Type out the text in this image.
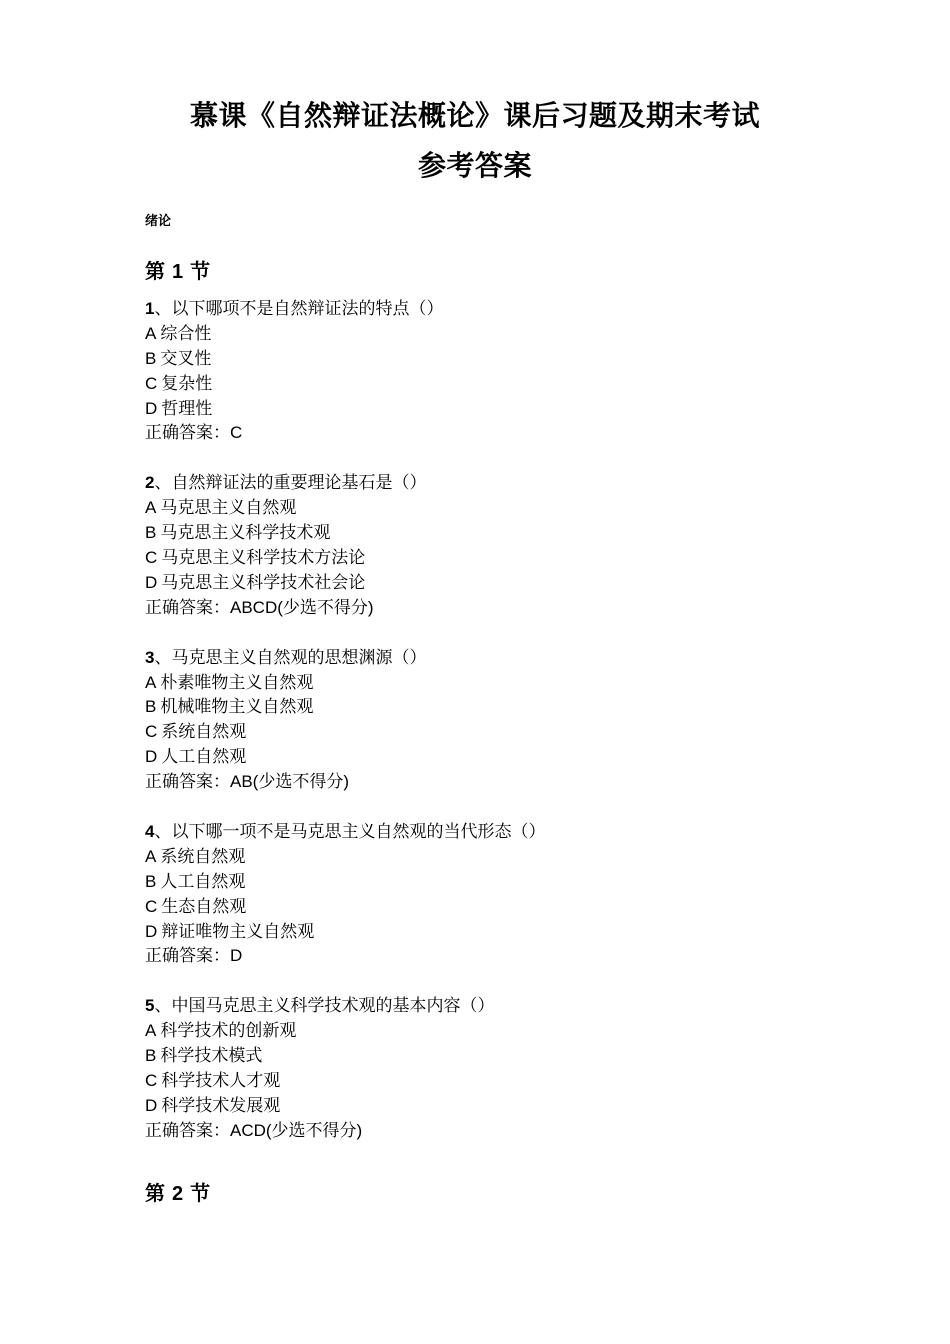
慕课《自然辩证法概论》课后习题及期末考试
参考答案
绪论
第 1 节
1、以下哪项不是自然辩证法的特点（）
A 综合性
B 交叉性
C 复杂性
D 哲理性
正确答案：C
2、自然辩证法的重要理论基石是（）
A 马克思主义自然观
B 马克思主义科学技术观
C 马克思主义科学技术方法论
D 马克思主义科学技术社会论
正确答案：ABCD(少选不得分)
3、马克思主义自然观的思想渊源（）
A 朴素唯物主义自然观
B 机械唯物主义自然观
C 系统自然观
D 人工自然观
正确答案：AB(少选不得分)
4、以下哪一项不是马克思主义自然观的当代形态（）
A 系统自然观
B 人工自然观
C 生态自然观
D 辩证唯物主义自然观
正确答案：D
5、中国马克思主义科学技术观的基本内容（）
A 科学技术的创新观
B 科学技术模式
C 科学技术人才观
D 科学技术发展观
正确答案：ACD(少选不得分)
第 2 节
